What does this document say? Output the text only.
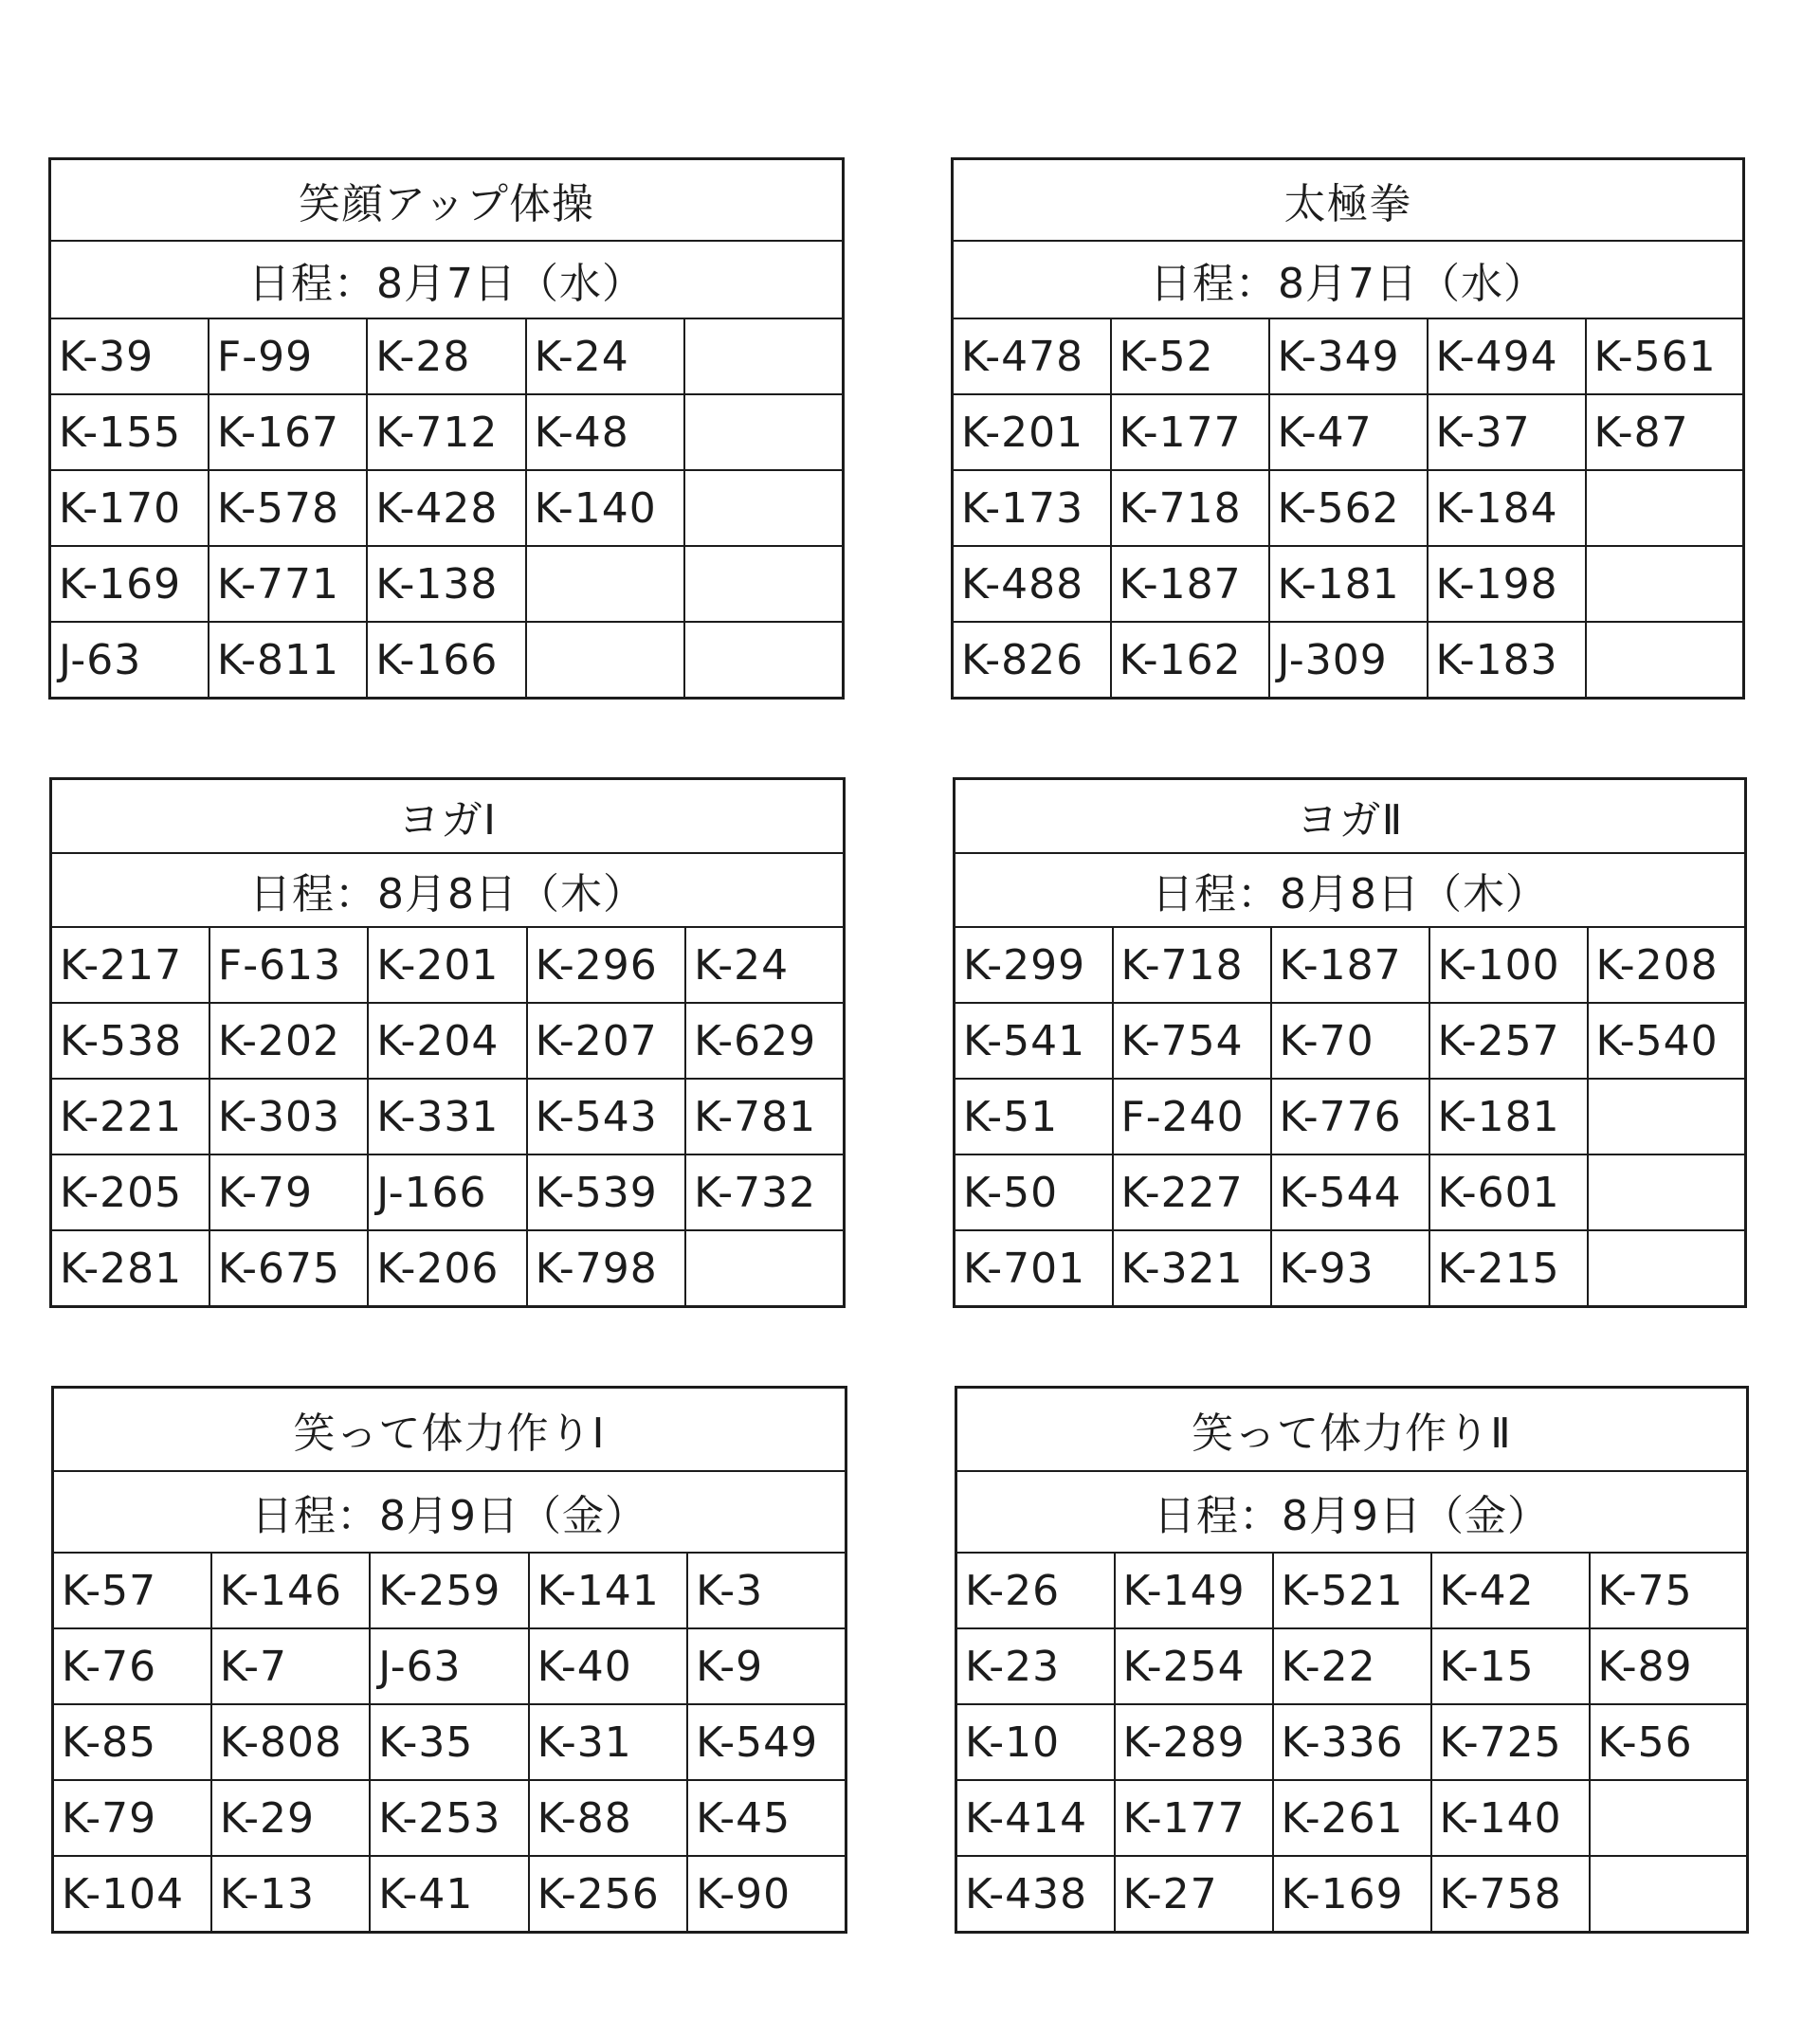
笑顔アップ体操				
日程：8月7日（水）				
K-39	F-99	K-28	K-24	
K-155	K-167	K-712	K-48	
K-170	K-578	K-428	K-140	
K-169	K-771	K-138		
J-63	K-811	K-166		
太極拳				
日程：8月7日（水）				
K-478	K-52	K-349	K-494	K-561
K-201	K-177	K-47	K-37	K-87
K-173	K-718	K-562	K-184	
K-488	K-187	K-181	K-198	
K-826	K-162	J-309	K-183	
ヨガⅠ				
日程：8月8日（木）				
K-217	F-613	K-201	K-296	K-24
K-538	K-202	K-204	K-207	K-629
K-221	K-303	K-331	K-543	K-781
K-205	K-79	J-166	K-539	K-732
K-281	K-675	K-206	K-798	
ヨガⅡ				
日程：8月8日（木）				
K-299	K-718	K-187	K-100	K-208
K-541	K-754	K-70	K-257	K-540
K-51	F-240	K-776	K-181	
K-50	K-227	K-544	K-601	
K-701	K-321	K-93	K-215	
笑って体力作りⅠ				
日程：8月9日（金）				
K-57	K-146	K-259	K-141	K-3
K-76	K-7	J-63	K-40	K-9
K-85	K-808	K-35	K-31	K-549
K-79	K-29	K-253	K-88	K-45
K-104	K-13	K-41	K-256	K-90
笑って体力作りⅡ				
日程：8月9日（金）				
K-26	K-149	K-521	K-42	K-75
K-23	K-254	K-22	K-15	K-89
K-10	K-289	K-336	K-725	K-56
K-414	K-177	K-261	K-140	
K-438	K-27	K-169	K-758	
